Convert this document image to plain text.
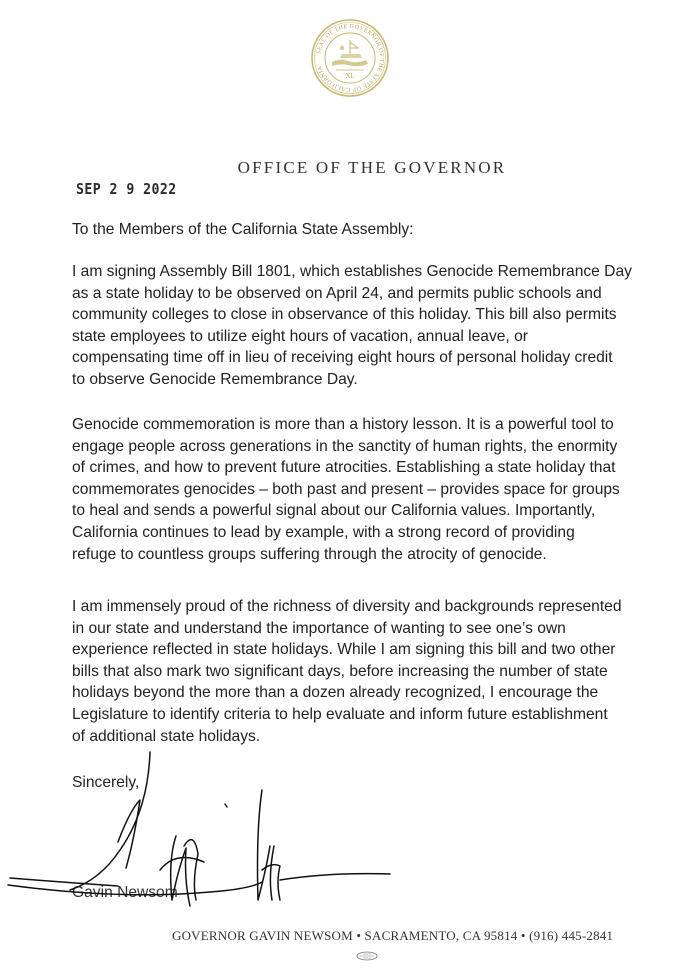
SEAL OF THE GOVERNOR OF THE STATE OF CALIFORNIA
XL
OFFICE OF THE GOVERNOR
SEP 2 9 2022
To the Members of the California State Assembly:
I am signing Assembly Bill 1801, which establishes Genocide Remembrance Day
as a state holiday to be observed on April 24, and permits public schools and
community colleges to close in observance of this holiday. This bill also permits
state employees to utilize eight hours of vacation, annual leave, or
compensating time off in lieu of receiving eight hours of personal holiday credit
to observe Genocide Remembrance Day.
Genocide commemoration is more than a history lesson. It is a powerful tool to
engage people across generations in the sanctity of human rights, the enormity
of crimes, and how to prevent future atrocities. Establishing a state holiday that
commemorates genocides – both past and present – provides space for groups
to heal and sends a powerful signal about our California values. Importantly,
California continues to lead by example, with a strong record of providing
refuge to countless groups suffering through the atrocity of genocide.
I am immensely proud of the richness of diversity and backgrounds represented
in our state and understand the importance of wanting to see one’s own
experience reflected in state holidays. While I am signing this bill and two other
bills that also mark two significant days, before increasing the number of state
holidays beyond the more than a dozen already recognized, I encourage the
Legislature to identify criteria to help evaluate and inform future establishment
of additional state holidays.
Sincerely,
Gavin Newsom
GOVERNOR GAVIN NEWSOM • SACRAMENTO, CA 95814 • (916) 445-2841
